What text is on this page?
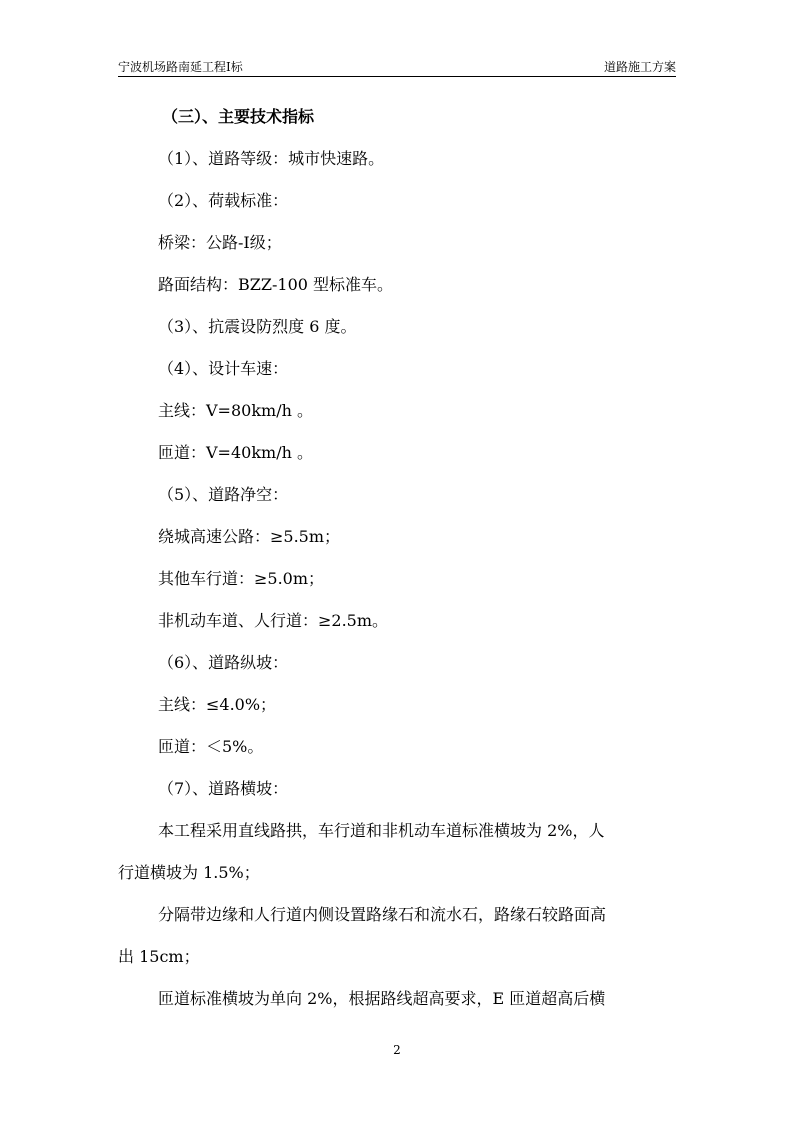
宁波机场路南延工程Ⅰ标	道路施工方案
（三）、主要技术指标
（1）、道路等级：城市快速路。
（2）、荷载标准：
桥梁：公路-I级；
路面结构：BZZ-100 型标准车。
（3）、抗震设防烈度 6 度。
（4）、设计车速：
主线：V=80km/h 。
匝道：V=40km/h 。
（5）、道路净空：
绕城高速公路：≥5.5m；
其他车行道：≥5.0m；
非机动车道、人行道：≥2.5m。
（6）、道路纵坡：
主线：≤4.0%；
匝道：＜5%。
（7）、道路横坡：
本工程采用直线路拱，车行道和非机动车道标准横坡为 2%，人
行道横坡为 1.5%；
分隔带边缘和人行道内侧设置路缘石和流水石，路缘石较路面高
出 15cm；
匝道标准横坡为单向 2%，根据路线超高要求，E 匝道超高后横
2
